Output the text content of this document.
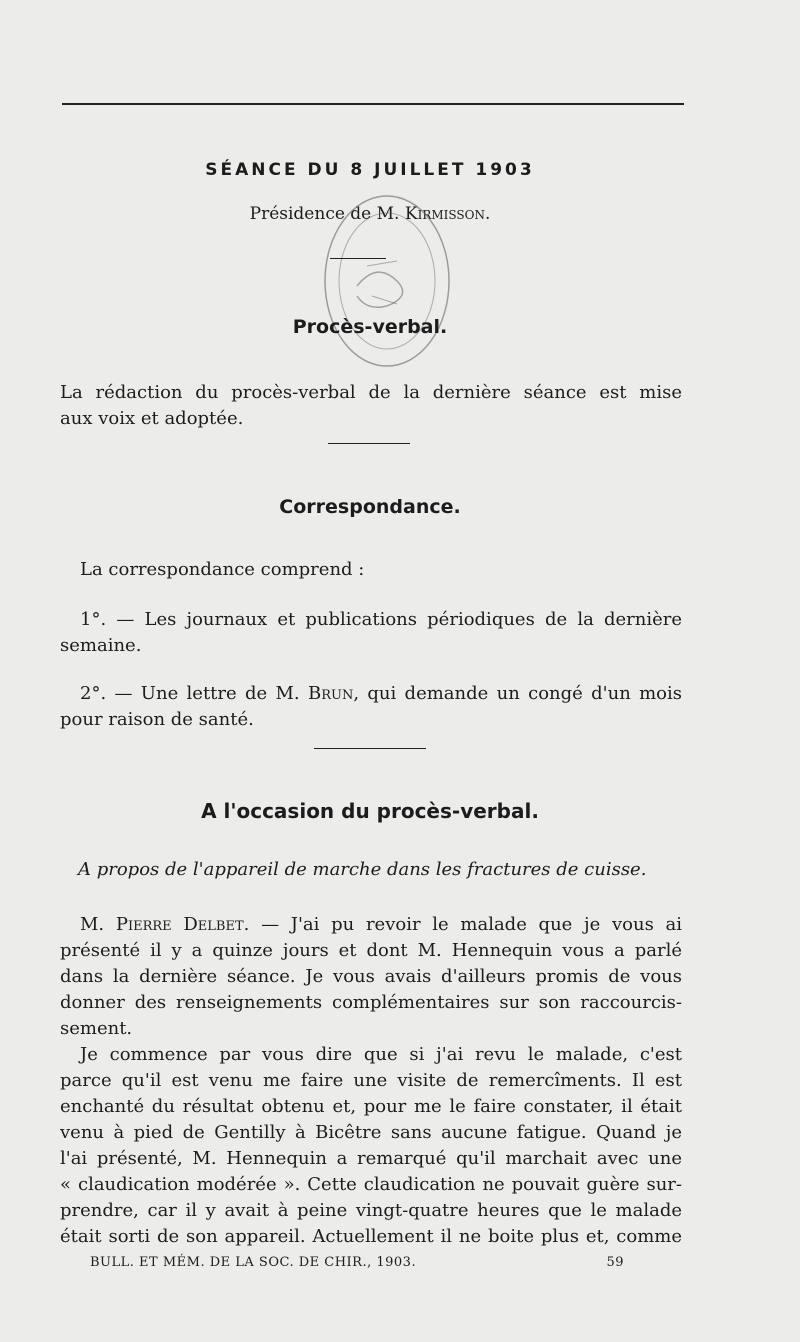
SÉANCE DU 8 JUILLET 1903
Présidence de M. Kirmisson.
Procès-verbal.
La rédaction du procès-verbal de la dernière séance est mise
aux voix et adoptée.
Correspondance.
La correspondance comprend :
1°. — Les journaux et publications périodiques de la dernière
semaine.
2°. — Une lettre de M. Brun, qui demande un congé d'un mois
pour raison de santé.
A l'occasion du procès-verbal.
A propos de l'appareil de marche dans les fractures de cuisse.
M. Pierre Delbet. — J'ai pu revoir le malade que je vous ai
présenté il y a quinze jours et dont M. Hennequin vous a parlé
dans la dernière séance. Je vous avais d'ailleurs promis de vous
donner des renseignements complémentaires sur son raccourcis-
sement.
Je commence par vous dire que si j'ai revu le malade, c'est
parce qu'il est venu me faire une visite de remercîments. Il est
enchanté du résultat obtenu et, pour me le faire constater, il était
venu à pied de Gentilly à Bicêtre sans aucune fatigue. Quand je
l'ai présenté, M. Hennequin a remarqué qu'il marchait avec une
« claudication modérée ». Cette claudication ne pouvait guère sur-
prendre, car il y avait à peine vingt-quatre heures que le malade
était sorti de son appareil. Actuellement il ne boite plus et, comme
BULL. ET MÉM. DE LA SOC. DE CHIR., 1903.	59
